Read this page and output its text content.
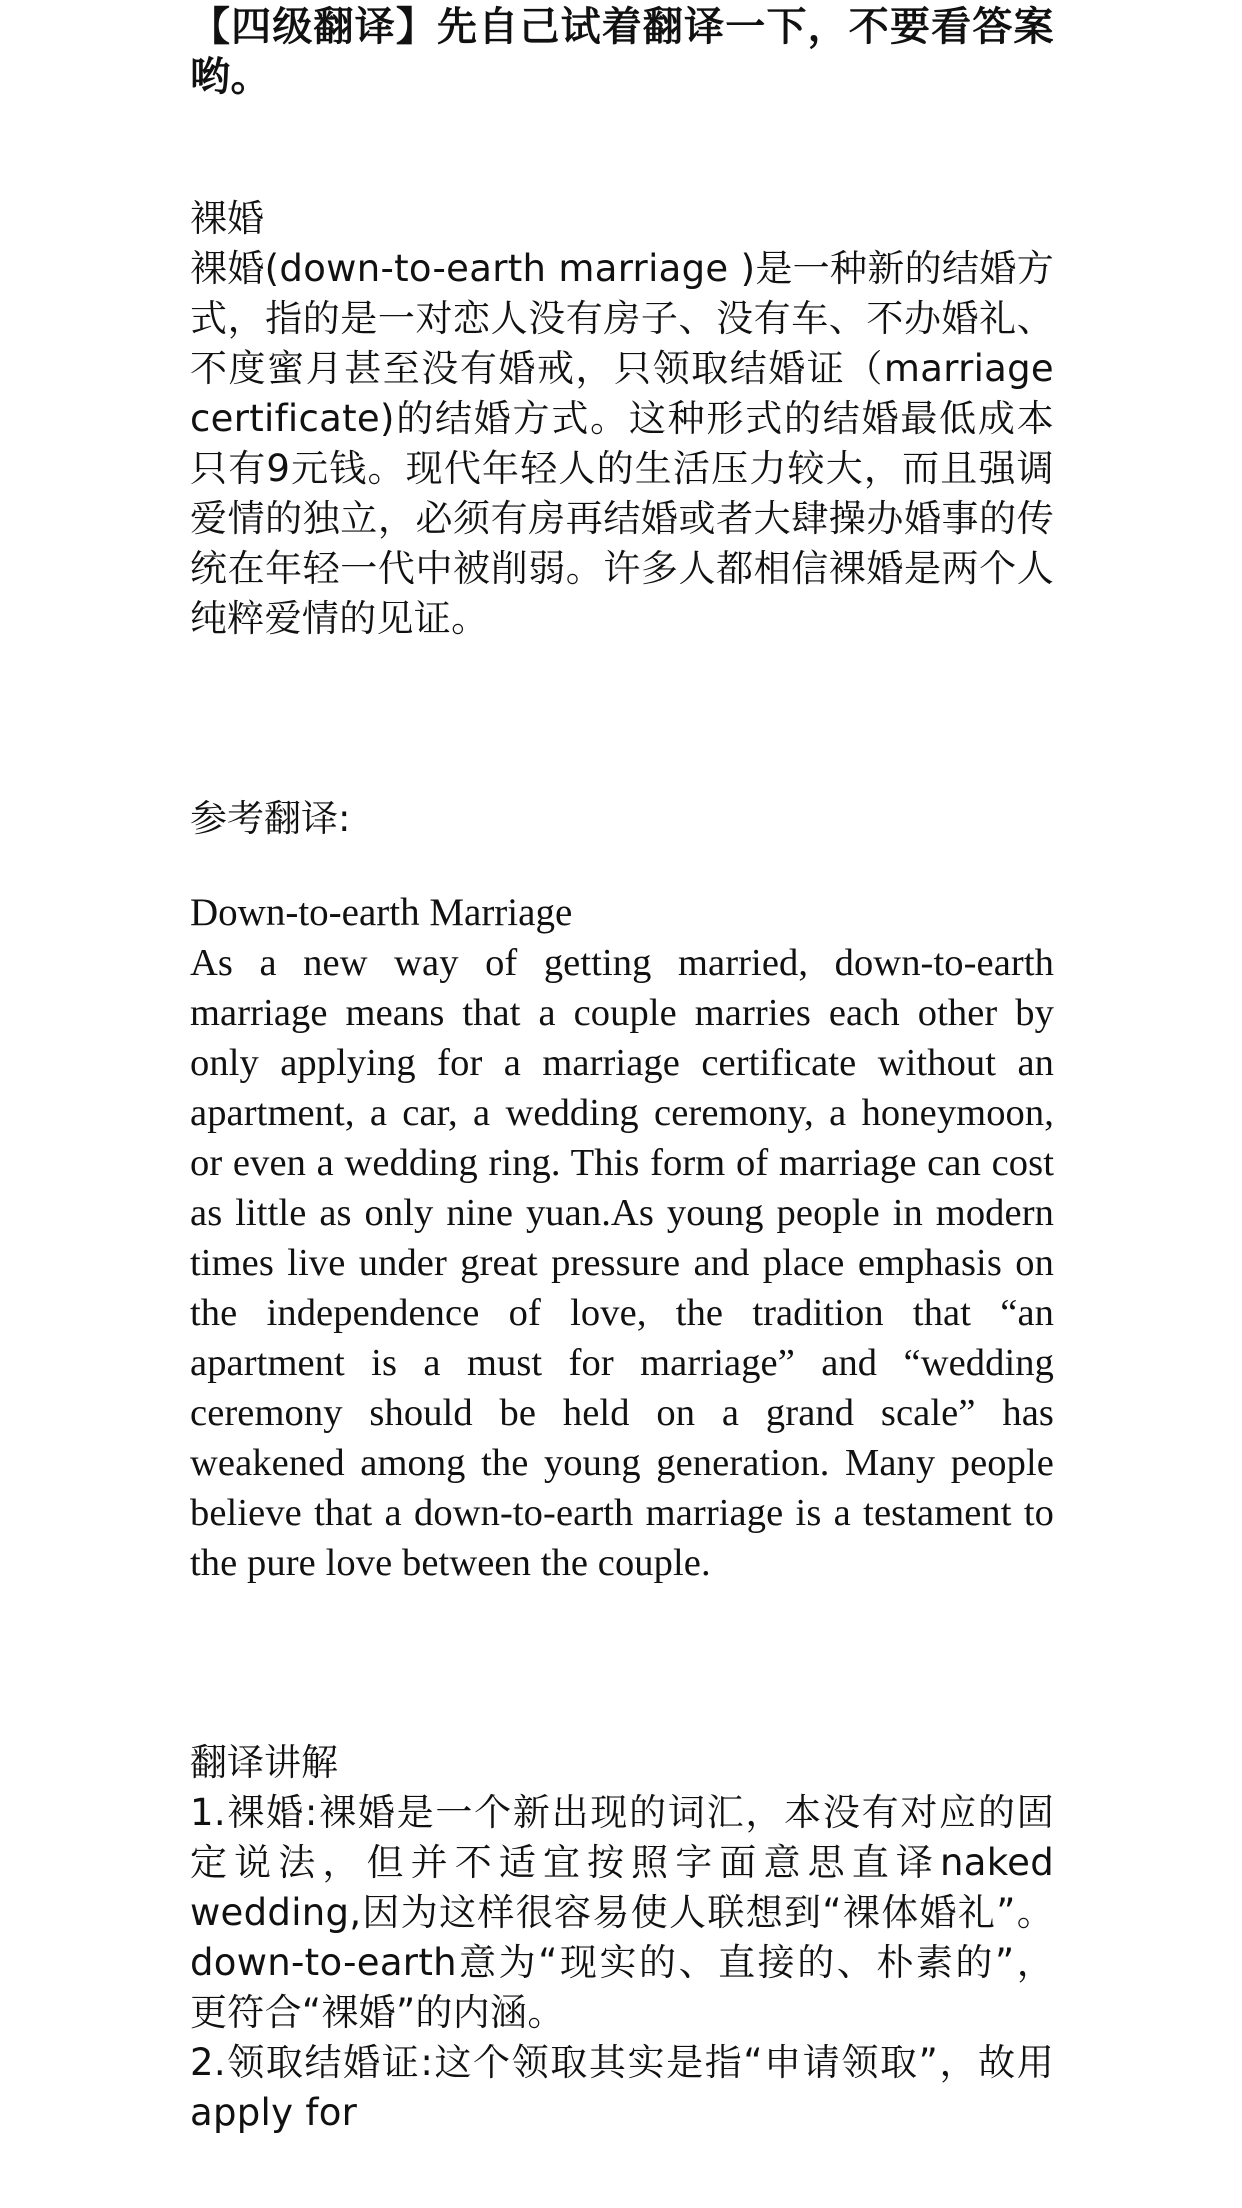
【四级翻译】先自己试着翻译一下，不要看答案哟。

裸婚

裸婚(down-to-earth marriage )是一种新的结婚方式，指的是一对恋人没有房子、没有车、不办婚礼、不度蜜月甚至没有婚戒，只领取结婚证（marriage certificate)的结婚方式。这种形式的结婚最低成本只有9元钱。现代年轻人的生活压力较大，而且强调爱情的独立，必须有房再结婚或者大肆操办婚事的传统在年轻一代中被削弱。许多人都相信裸婚是两个人纯粹爱情的见证。

参考翻译:

Down-to-earth Marriage

As a new way of getting married, down-to-earth marriage means that a couple marries each other by only applying for a marriage certificate without an apartment, a car, a wedding ceremony, a honeymoon, or even a wedding ring. This form of marriage can cost as little as only nine yuan.As young people in modern times live under great pressure and place emphasis on the independence of love, the tradition that “an apartment is a must for marriage” and “wedding ceremony should be held on a grand scale” has weakened among the young generation. Many people believe that a down-to-earth marriage is a testament to the pure love between the couple.

翻译讲解

1.裸婚:裸婚是一个新出现的词汇，本没有对应的固定说法，但并不适宜按照字面意思直译naked wedding,因为这样很容易使人联想到“裸体婚礼”。down-to-earth意为“现实的、直接的、朴素的”，更符合“裸婚”的内涵。

2.领取结婚证:这个领取其实是指“申请领取”，故用apply for
